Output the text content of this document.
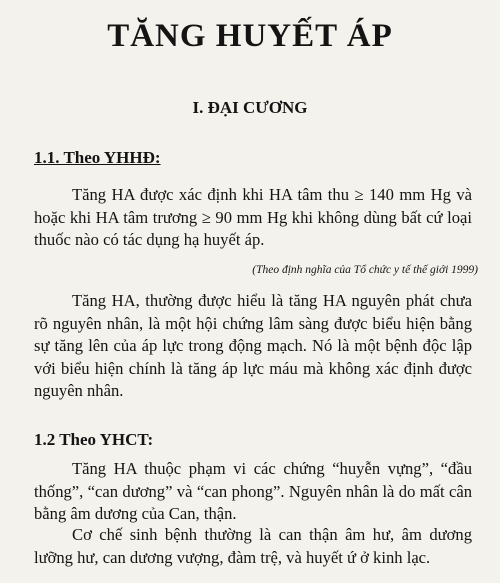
TĂNG HUYẾT ÁP
I. ĐẠI CƯƠNG
1.1. Theo YHHĐ:
Tăng HA được xác định khi HA tâm thu ≥ 140 mm Hg và hoặc khi HA tâm trương ≥ 90 mm Hg khi không dùng bất cứ loại thuốc nào có tác dụng hạ huyết áp.
(Theo định nghĩa của Tổ chức y tế thế giới 1999)
Tăng HA, thường được hiểu là tăng HA nguyên phát chưa rõ nguyên nhân, là một hội chứng lâm sàng được biểu hiện bằng sự tăng lên của áp lực trong động mạch. Nó là một bệnh độc lập với biểu hiện chính là tăng áp lực máu mà không xác định được nguyên nhân.
1.2 Theo YHCT:
Tăng HA thuộc phạm vi các chứng “huyễn vựng”, “đầu thống”, “can dương” và “can phong”. Nguyên nhân là do mất cân bằng âm dương của Can, thận.
Cơ chế sinh bệnh thường là can thận âm hư, âm dương lưỡng hư, can dương vượng, đàm trệ, và huyết ứ ở kinh lạc.
